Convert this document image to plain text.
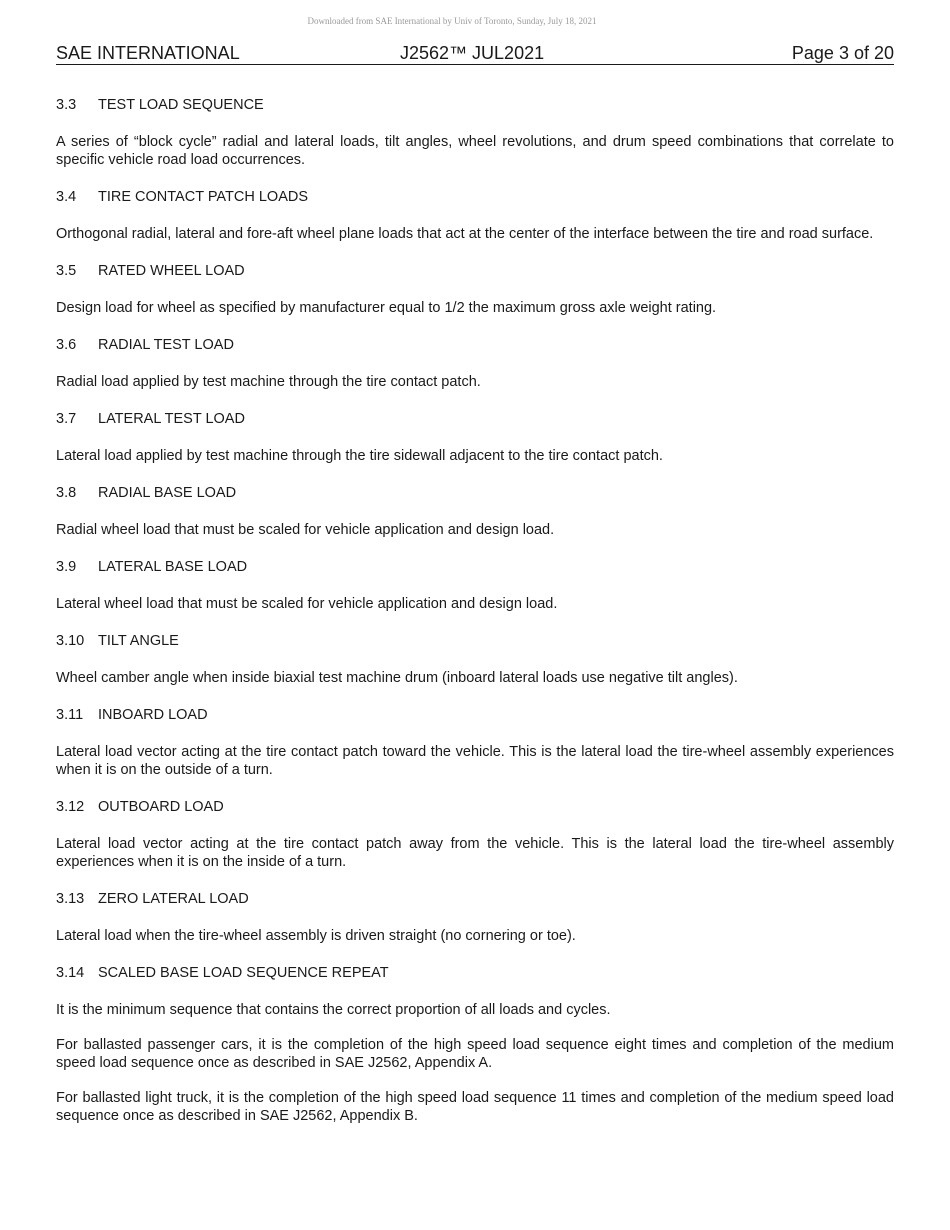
Downloaded from SAE International by Univ of Toronto, Sunday, July 18, 2021
SAE INTERNATIONAL	J2562™ JUL2021	Page 3 of 20
3.3	TEST LOAD SEQUENCE

A series of “block cycle” radial and lateral loads, tilt angles, wheel revolutions, and drum speed combinations that correlate to specific vehicle road load occurrences.

3.4	TIRE CONTACT PATCH LOADS

Orthogonal radial, lateral and fore-aft wheel plane loads that act at the center of the interface between the tire and road surface.

3.5	RATED WHEEL LOAD

Design load for wheel as specified by manufacturer equal to 1/2 the maximum gross axle weight rating.

3.6	RADIAL TEST LOAD

Radial load applied by test machine through the tire contact patch.

3.7	LATERAL TEST LOAD

Lateral load applied by test machine through the tire sidewall adjacent to the tire contact patch.

3.8	RADIAL BASE LOAD

Radial wheel load that must be scaled for vehicle application and design load.

3.9	LATERAL BASE LOAD

Lateral wheel load that must be scaled for vehicle application and design load.

3.10 TILT ANGLE

Wheel camber angle when inside biaxial test machine drum (inboard lateral loads use negative tilt angles).

3.11	INBOARD LOAD

Lateral load vector acting at the tire contact patch toward the vehicle. This is the lateral load the tire-wheel assembly experiences when it is on the outside of a turn.

3.12 OUTBOARD LOAD

Lateral load vector acting at the tire contact patch away from the vehicle. This is the lateral load the tire-wheel assembly experiences when it is on the inside of a turn.

3.13 ZERO LATERAL LOAD

Lateral load when the tire-wheel assembly is driven straight (no cornering or toe).

3.14 SCALED BASE LOAD SEQUENCE REPEAT

It is the minimum sequence that contains the correct proportion of all loads and cycles.

For ballasted passenger cars, it is the completion of the high speed load sequence eight times and completion of the medium speed load sequence once as described in SAE J2562, Appendix A.

For ballasted light truck, it is the completion of the high speed load sequence 11 times and completion of the medium speed load sequence once as described in SAE J2562, Appendix B.
